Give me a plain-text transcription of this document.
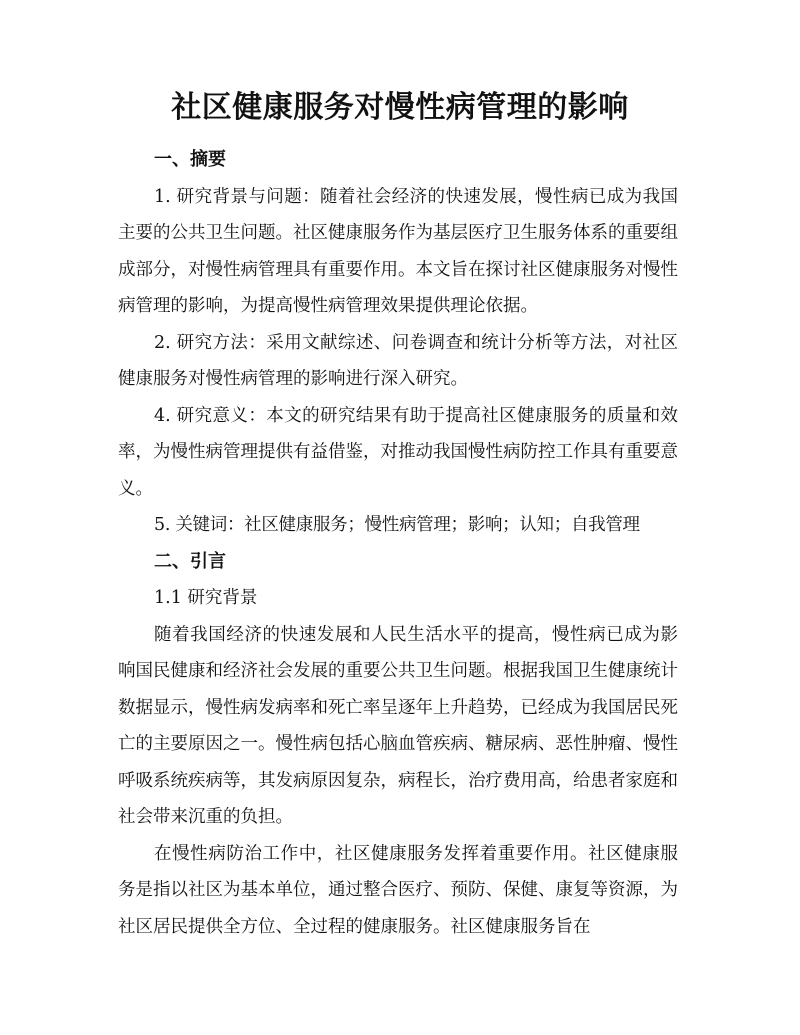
社区健康服务对慢性病管理的影响
一、摘要

1. 研究背景与问题：随着社会经济的快速发展，慢性病已成为我国主要的公共卫生问题。社区健康服务作为基层医疗卫生服务体系的重要组成部分，对慢性病管理具有重要作用。本文旨在探讨社区健康服务对慢性病管理的影响，为提高慢性病管理效果提供理论依据。

2. 研究方法：采用文献综述、问卷调查和统计分析等方法，对社区健康服务对慢性病管理的影响进行深入研究。

4. 研究意义：本文的研究结果有助于提高社区健康服务的质量和效率，为慢性病管理提供有益借鉴，对推动我国慢性病防控工作具有重要意义。

5. 关键词：社区健康服务；慢性病管理；影响；认知；自我管理

二、引言
1.1 研究背景

随着我国经济的快速发展和人民生活水平的提高，慢性病已成为影响国民健康和经济社会发展的重要公共卫生问题。根据我国卫生健康统计数据显示，慢性病发病率和死亡率呈逐年上升趋势，已经成为我国居民死亡的主要原因之一。慢性病包括心脑血管疾病、糖尿病、恶性肿瘤、慢性呼吸系统疾病等，其发病原因复杂，病程长，治疗费用高，给患者家庭和社会带来沉重的负担。

在慢性病防治工作中，社区健康服务发挥着重要作用。社区健康服务是指以社区为基本单位，通过整合医疗、预防、保健、康复等资源，为社区居民提供全方位、全过程的健康服务。社区健康服务旨在
